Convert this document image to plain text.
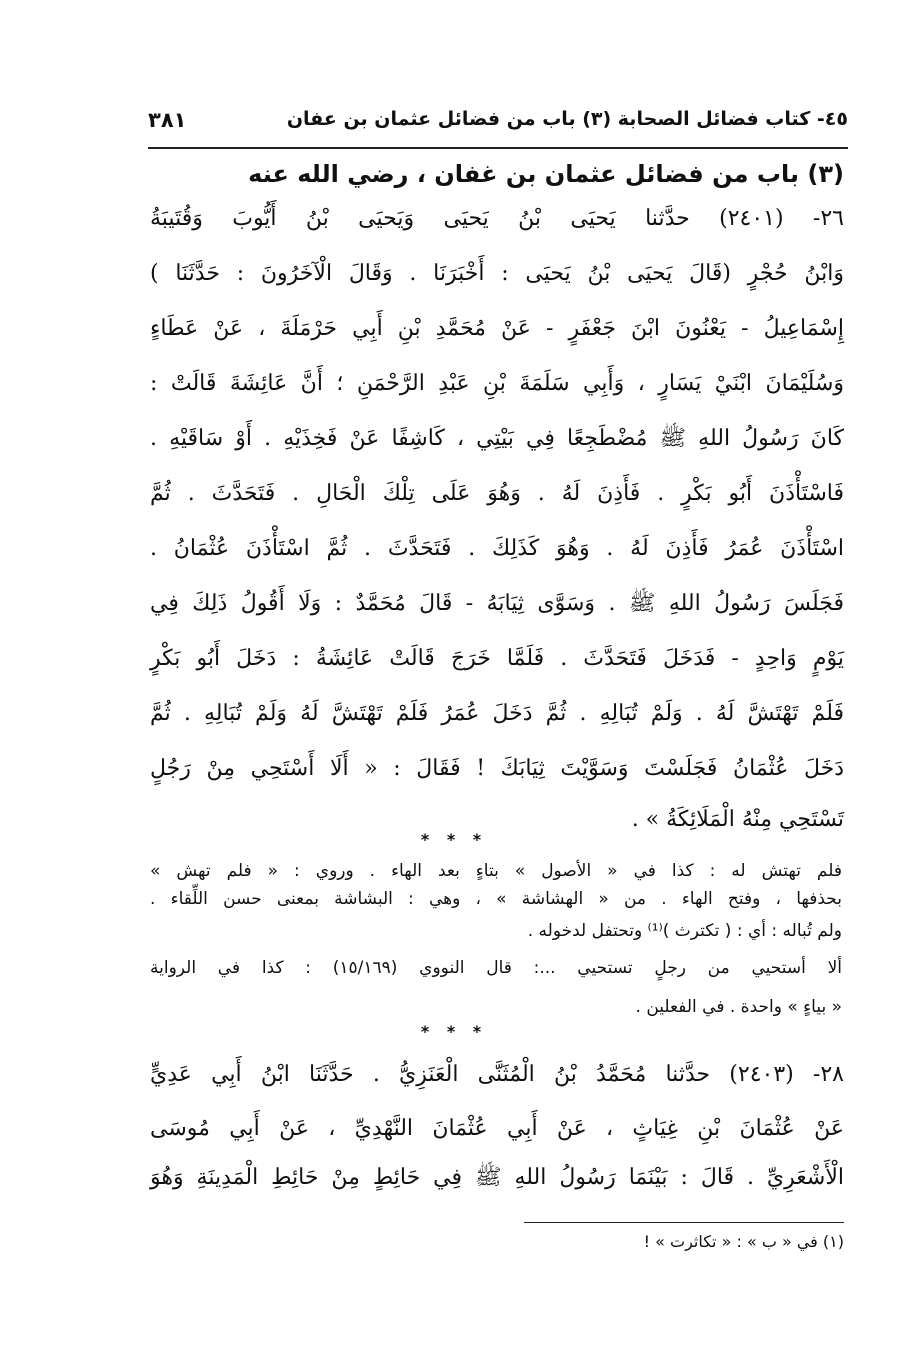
٤٥- كتاب فضائل الصحابة (٣) باب من فضائل عثمان بن عفان
٣٨١
(٣) باب من فضائل عثمان بن غفان ، رضي الله عنه
٢٦- (٢٤٠١) حدَّثنا يَحيَى بْنُ يَحيَى وَيَحيَى بْنُ أَيُّوبَ وَقُتَيبَةُ
وَابْنُ حُجْرٍ (قَالَ يَحيَى بْنُ يَحيَى : أَخْبَرَنَا . وَقَالَ الْآخَرُونَ : حَدَّثَنَا )
إِسْمَاعِيلُ - يَعْنُونَ ابْنَ جَعْفَرٍ - عَنْ مُحَمَّدِ بْنِ أَبِي حَرْمَلَةَ ، عَنْ عَطَاءٍ
وَسُلَيْمَانَ ابْنَيْ يَسَارٍ ، وَأَبِي سَلَمَةَ بْنِ عَبْدِ الرَّحْمَنِ ؛ أَنَّ عَائِشَةَ قَالَتْ :
كَانَ رَسُولُ اللهِ ﷺ مُضْطَجِعًا فِي بَيْتِي ، كَاشِفًا عَنْ فَخِذَيْهِ . أَوْ سَاقَيْهِ .
فَاسْتَأْذَنَ أَبُو بَكْرٍ . فَأَذِنَ لَهُ . وَهُوَ عَلَى تِلْكَ الْحَالِ . فَتَحَدَّثَ . ثُمَّ
اسْتَأْذَنَ عُمَرُ فَأَذِنَ لَهُ . وَهُوَ كَذَلِكَ . فَتَحَدَّثَ . ثُمَّ اسْتَأْذَنَ عُثْمَانُ .
فَجَلَسَ رَسُولُ اللهِ ﷺ . وَسَوَّى ثِيَابَهُ - قَالَ مُحَمَّدٌ : وَلَا أَقُولُ ذَلِكَ فِي
يَوْمٍ وَاحِدٍ - فَدَخَلَ فَتَحَدَّثَ . فَلَمَّا خَرَجَ قَالَتْ عَائِشَةُ : دَخَلَ أَبُو بَكْرٍ
فَلَمْ تَهْتَشَّ لَهُ . وَلَمْ تُبَالِهِ . ثُمَّ دَخَلَ عُمَرُ فَلَمْ تَهْتَشَّ لَهُ وَلَمْ تُبَالِهِ . ثُمَّ
دَخَلَ عُثْمَانُ فَجَلَسْتَ وَسَوَّيْتَ ثِيَابَكَ ! فَقَالَ : « أَلَا أَسْتَحِي مِنْ رَجُلٍ
تَسْتَحِي مِنْهُ الْمَلَائِكَةُ » .
* * *
فلم تهتش له : كذا في « الأصول » بتاءٍ بعد الهاء . وروي : « فلم تهش »
بحذفها ، وفتح الهاء . من « الهشاشة » ، وهي : البشاشة بمعنى حسن اللِّقاء .
ولم تُباله : أي : ( تكترث )⁽¹⁾ وتحتفل لدخوله .
ألا أستحيي من رجلٍ تستحيي ...: قال النووي (١٥/١٦٩) : كذا في الرواية
« بياءٍ » واحدة . في الفعلين .
* * *
٢٨- (٢٤٠٣) حدَّثنا مُحَمَّدُ بْنُ الْمُثَنَّى الْعَنَزِيُّ . حَدَّثَنَا ابْنُ أَبِي عَدِيٍّ
عَنْ عُثْمَانَ بْنِ غِيَاثٍ ، عَنْ أَبِي عُثْمَانَ النَّهْدِيِّ ، عَنْ أَبِي مُوسَى
الْأَشْعَرِيِّ . قَالَ : بَيْنَمَا رَسُولُ اللهِ ﷺ فِي حَائِطٍ مِنْ حَائِطِ الْمَدِينَةِ وَهُوَ
(١) في « ب » : « تكاثرت » !
